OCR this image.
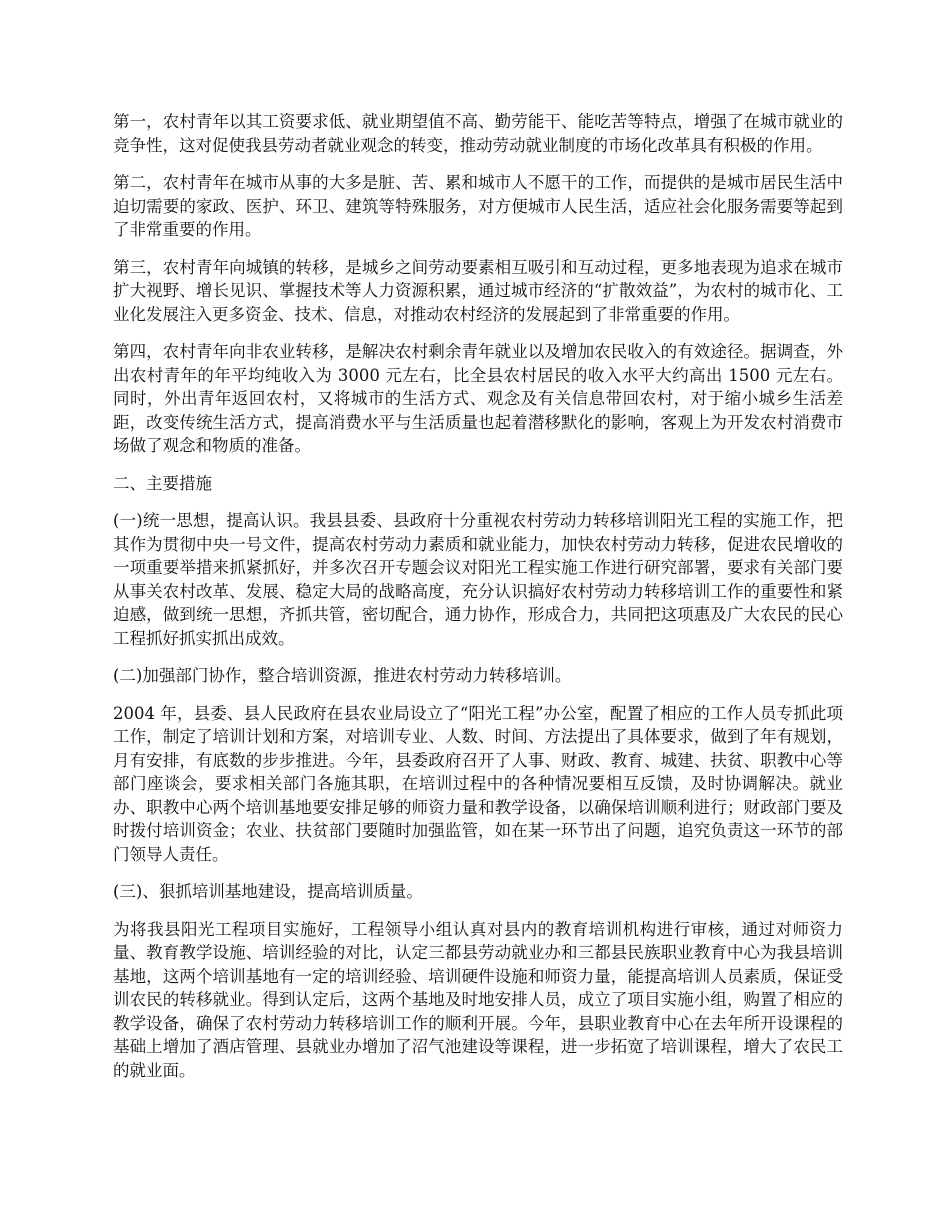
第一，农村青年以其工资要求低、就业期望值不高、勤劳能干、能吃苦等特点，增强了在城市就业的竞争性，这对促使我县劳动者就业观念的转变，推动劳动就业制度的市场化改革具有积极的作用。

第二，农村青年在城市从事的大多是脏、苦、累和城市人不愿干的工作，而提供的是城市居民生活中迫切需要的家政、医护、环卫、建筑等特殊服务，对方便城市人民生活，适应社会化服务需要等起到了非常重要的作用。

第三，农村青年向城镇的转移，是城乡之间劳动要素相互吸引和互动过程，更多地表现为追求在城市扩大视野、增长见识、掌握技术等人力资源积累，通过城市经济的“扩散效益”，为农村的城市化、工业化发展注入更多资金、技术、信息，对推动农村经济的发展起到了非常重要的作用。

第四，农村青年向非农业转移，是解决农村剩余青年就业以及增加农民收入的有效途径。据调查，外出农村青年的年平均纯收入为 3000 元左右，比全县农村居民的收入水平大约高出 1500 元左右。同时，外出青年返回农村，又将城市的生活方式、观念及有关信息带回农村，对于缩小城乡生活差距，改变传统生活方式，提高消费水平与生活质量也起着潜移默化的影响，客观上为开发农村消费市场做了观念和物质的准备。

二、主要措施

(一)统一思想，提高认识。我县县委、县政府十分重视农村劳动力转移培训阳光工程的实施工作，把其作为贯彻中央一号文件，提高农村劳动力素质和就业能力，加快农村劳动力转移，促进农民增收的一项重要举措来抓紧抓好，并多次召开专题会议对阳光工程实施工作进行研究部署，要求有关部门要从事关农村改革、发展、稳定大局的战略高度，充分认识搞好农村劳动力转移培训工作的重要性和紧迫感，做到统一思想，齐抓共管，密切配合，通力协作，形成合力，共同把这项惠及广大农民的民心工程抓好抓实抓出成效。

(二)加强部门协作，整合培训资源，推进农村劳动力转移培训。

2004 年，县委、县人民政府在县农业局设立了“阳光工程”办公室，配置了相应的工作人员专抓此项工作，制定了培训计划和方案，对培训专业、人数、时间、方法提出了具体要求，做到了年有规划，月有安排，有底数的步步推进。今年，县委政府召开了人事、财政、教育、城建、扶贫、职教中心等部门座谈会，要求相关部门各施其职，在培训过程中的各种情况要相互反馈，及时协调解决。就业办、职教中心两个培训基地要安排足够的师资力量和教学设备，以确保培训顺利进行；财政部门要及时拨付培训资金；农业、扶贫部门要随时加强监管，如在某一环节出了问题，追究负责这一环节的部门领导人责任。

(三)、狠抓培训基地建设，提高培训质量。

为将我县阳光工程项目实施好，工程领导小组认真对县内的教育培训机构进行审核，通过对师资力量、教育教学设施、培训经验的对比，认定三都县劳动就业办和三都县民族职业教育中心为我县培训基地，这两个培训基地有一定的培训经验、培训硬件设施和师资力量，能提高培训人员素质，保证受训农民的转移就业。得到认定后，这两个基地及时地安排人员，成立了项目实施小组，购置了相应的教学设备，确保了农村劳动力转移培训工作的顺利开展。今年，县职业教育中心在去年所开设课程的基础上增加了酒店管理、县就业办增加了沼气池建设等课程，进一步拓宽了培训课程，增大了农民工的就业面。
